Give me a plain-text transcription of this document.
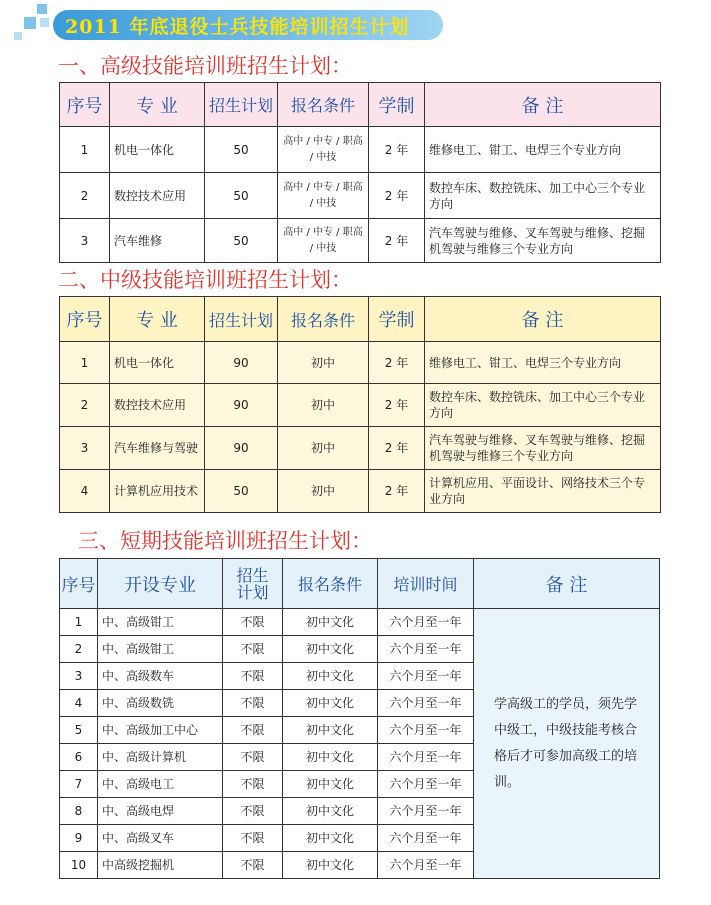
2011 年底退役士兵技能培训招生计划
一、高级技能培训班招生计划：
序号	专 业	招生计划	报名条件	学制	备 注
1	机电一体化	50	高中 / 中专 / 职高 / 中技	2 年	维修电工、钳工、电焊三个专业方向
2	数控技术应用	50	高中 / 中专 / 职高 / 中技	2 年	数控车床、数控铣床、加工中心三个专业方向
3	汽车维修	50	高中 / 中专 / 职高 / 中技	2 年	汽车驾驶与维修、叉车驾驶与维修、挖掘机驾驶与维修三个专业方向
二、中级技能培训班招生计划：
序号	专 业	招生计划	报名条件	学制	备 注
1	机电一体化	90	初中	2 年	维修电工、钳工、电焊三个专业方向
2	数控技术应用	90	初中	2 年	数控车床、数控铣床、加工中心三个专业方向
3	汽车维修与驾驶	90	初中	2 年	汽车驾驶与维修、叉车驾驶与维修、挖掘机驾驶与维修三个专业方向
4	计算机应用技术	50	初中	2 年	计算机应用、平面设计、网络技术三个专业方向
三、短期技能培训班招生计划：
序号	开设专业	招生计划	报名条件	培训时间	备 注
1	中、高级钳工	不限	初中文化	六个月至一年	学高级工的学员，须先学中级工，中级技能考核合格后才可参加高级工的培训。
2	中、高级钳工	不限	初中文化	六个月至一年	
3	中、高级数车	不限	初中文化	六个月至一年	
4	中、高级数铣	不限	初中文化	六个月至一年	
5	中、高级加工中心	不限	初中文化	六个月至一年	
6	中、高级计算机	不限	初中文化	六个月至一年	
7	中、高级电工	不限	初中文化	六个月至一年	
8	中、高级电焊	不限	初中文化	六个月至一年	
9	中、高级叉车	不限	初中文化	六个月至一年	
10	中高级挖掘机	不限	初中文化	六个月至一年	
